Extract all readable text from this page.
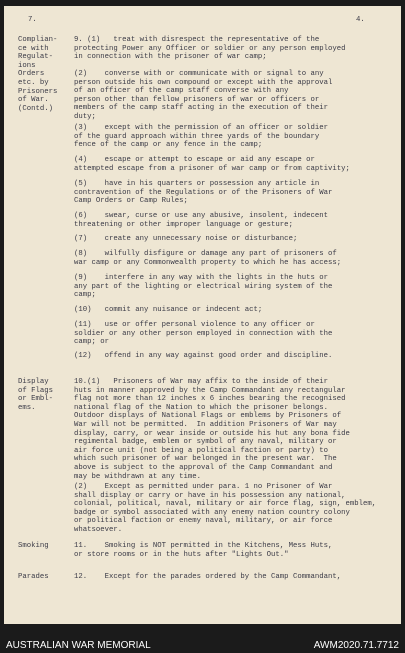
7.	4.
Complian-
ce with
Regulat-
ions
Orders
etc. by
Prisoners
of War.
(Contd.)
Display
of Flags
or Embl-
ems.
Smoking
Parades
9. (1)   treat with disrespect the representative of the
protecting Power any Officer or soldier or any person employed
in connection with the prisoner of war camp;
(2)    converse with or communicate with or signal to any
person outside his own compound or except with the approval
of an officer of the camp staff converse with any
person other than fellow prisoners of war or officers or
members of the camp staff acting in the execution of their
duty;
(3)    except with the permission of an officer or soldier
of the guard approach within three yards of the boundary
fence of the camp or any fence in the camp;
(4)    escape or attempt to escape or aid any escape or
attempted escape from a prisoner of war camp or from captivity;
(5)    have in his quarters or possession any article in
contravention of the Regulations or of the Prisoners of War
Camp Orders or Camp Rules;
(6)    swear, curse or use any abusive, insolent, indecent
threatening or other improper language or gesture;
(7)    create any unnecessary noise or disturbance;
(8)    wilfully disfigure or damage any part of prisoners of
war camp or any Commonwealth property to which he has access;
(9)    interfere in any way with the lights in the huts or
any part of the lighting or electrical wiring system of the
camp;
(10)   commit any nuisance or indecent act;
(11)   use or offer personal violence to any officer or
soldier or any other person employed in connection with the
camp; or
(12)   offend in any way against good order and discipline.
10.(1)   Prisoners of War may affix to the inside of their
huts in manner approved by the Camp Commandant any rectangular
flag not more than 12 inches x 6 inches bearing the recognised
national flag of the Nation to which the prisoner belongs.
Outdoor displays of National Flags or emblems by Prisoners of
War will not be permitted.  In addition Prisoners of War may
display, carry, or wear inside or outside his hut any bona fide
regimental badge, emblem or symbol of any naval, military or
air force unit (not being a political faction or party) to
which such prisoner of war belonged in the present war.  The
above is subject to the approval of the Camp Commandant and
may be withdrawn at any time.
(2)    Except as permitted under para. 1 no Prisoner of War
shall display or carry or have in his possession any national,
colonial, political, naval, military or air force flag, sign, emblem,
badge or symbol associated with any enemy nation country colony
or political faction or enemy naval, military, or air force
whatsoever.
11.    Smoking is NOT permitted in the Kitchens, Mess Huts,
or store rooms or in the huts after "Lights Out."
12.    Except for the parades ordered by the Camp Commandant,
AUSTRALIAN WAR MEMORIAL	AWM2020.71.7712
